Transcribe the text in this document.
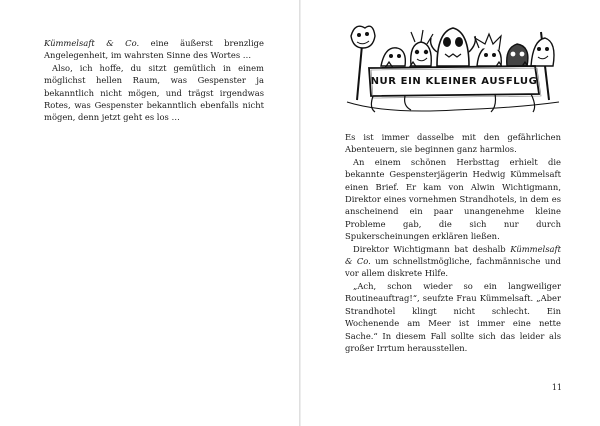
Kümmelsaft & Co. eine äußerst brenzlige Angelegenheit, im wahrsten Sinne des Wortes …

Also, ich hoffe, du sitzt gemütlich in einem möglichst hellen Raum, was Gespenster ja bekanntlich nicht mögen, und trägst irgendwas Rotes, was Gespenster bekanntlich ebenfalls nicht mögen, denn jetzt geht es los …

NUR EIN KLEINER AUSFLUG

Es ist immer dasselbe mit den gefährlichen Abenteuern, sie beginnen ganz harmlos.

An einem schönen Herbsttag erhielt die bekannte Gespensterjägerin Hedwig Kümmelsaft einen Brief. Er kam von Alwin Wichtigmann, Direktor eines vornehmen Strandhotels, in dem es anscheinend ein paar unangenehme kleine Probleme gab, die sich nur durch Spukerscheinungen erklären ließen.

Direktor Wichtigmann bat deshalb Kümmelsaft & Co. um schnellstmögliche, fachmännische und vor allem diskrete Hilfe.

„Ach, schon wieder so ein langweiliger Routineauftrag!“, seufzte Frau Kümmelsaft. „Aber Strandhotel klingt nicht schlecht. Ein Wochenende am Meer ist immer eine nette Sache.“ In diesem Fall sollte sich das leider als großer Irrtum herausstellen.

11
